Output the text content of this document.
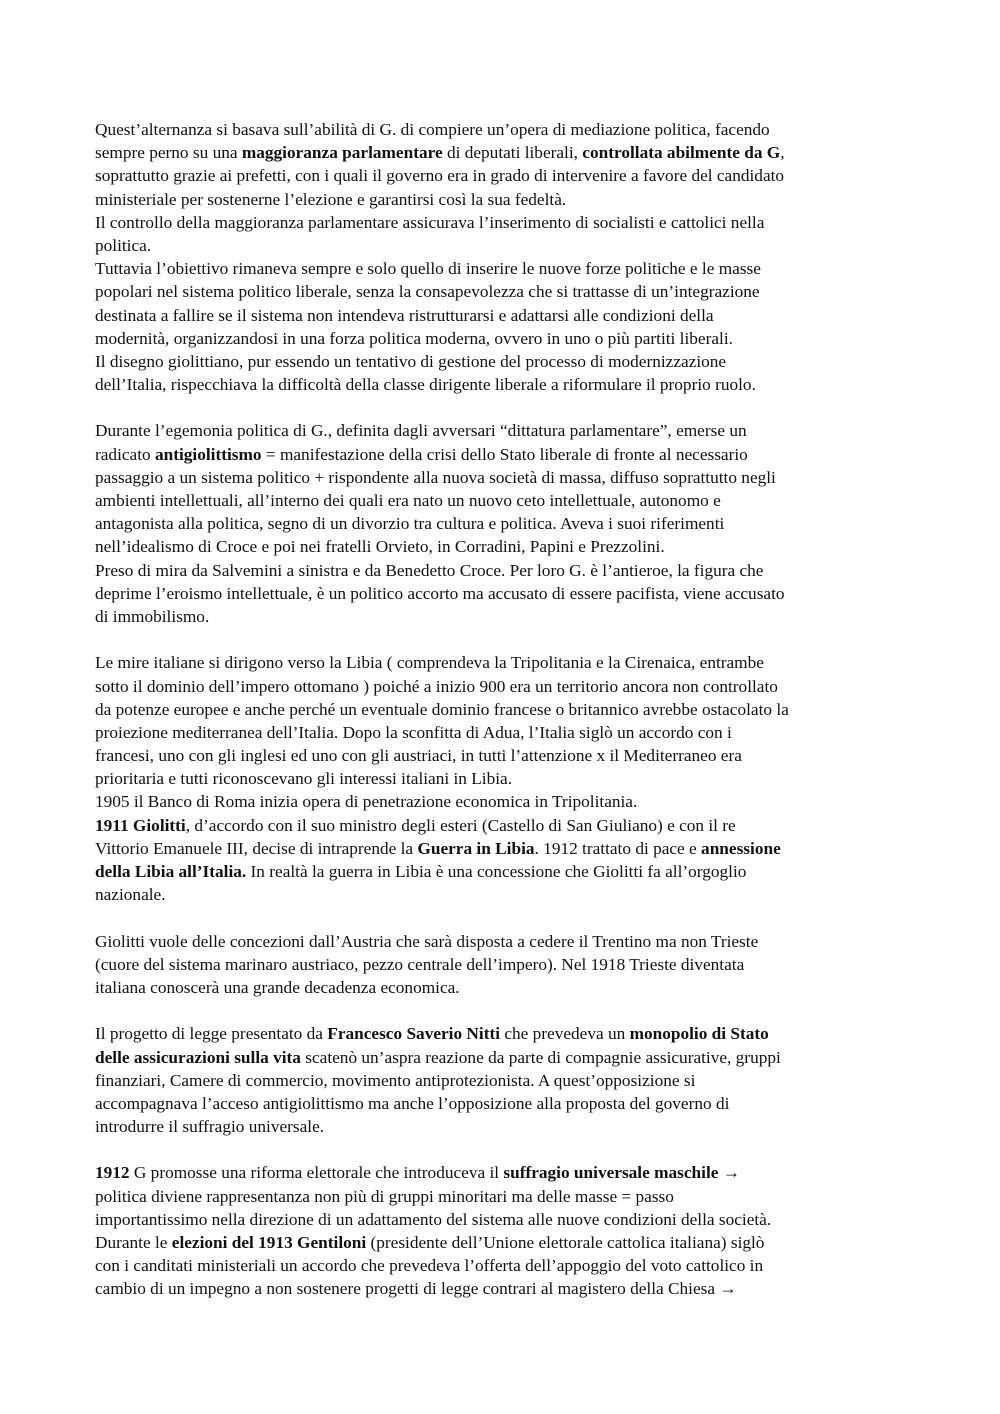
Quest’alternanza si basava sull’abilità di G. di compiere un’opera di mediazione politica, facendo
sempre perno su una maggioranza parlamentare di deputati liberali, controllata abilmente da G,
soprattutto grazie ai prefetti, con i quali il governo era in grado di intervenire a favore del candidato
ministeriale per sostenerne l’elezione e garantirsi così la sua fedeltà.
Il controllo della maggioranza parlamentare assicurava l’inserimento di socialisti e cattolici nella
politica.
Tuttavia l’obiettivo rimaneva sempre e solo quello di inserire le nuove forze politiche e le masse
popolari nel sistema politico liberale, senza la consapevolezza che si trattasse di un’integrazione
destinata a fallire se il sistema non intendeva ristrutturarsi e adattarsi alle condizioni della
modernità, organizzandosi in una forza politica moderna, ovvero in uno o più partiti liberali.
Il disegno giolittiano, pur essendo un tentativo di gestione del processo di modernizzazione
dell’Italia, rispecchiava la difficoltà della classe dirigente liberale a riformulare il proprio ruolo.

Durante l’egemonia politica di G., definita dagli avversari “dittatura parlamentare”, emerse un
radicato antigiolittismo = manifestazione della crisi dello Stato liberale di fronte al necessario
passaggio a un sistema politico + rispondente alla nuova società di massa, diffuso soprattutto negli
ambienti intellettuali, all’interno dei quali era nato un nuovo ceto intellettuale, autonomo e
antagonista alla politica, segno di un divorzio tra cultura e politica. Aveva i suoi riferimenti
nell’idealismo di Croce e poi nei fratelli Orvieto, in Corradini, Papini e Prezzolini.
Preso di mira da Salvemini a sinistra e da Benedetto Croce. Per loro G. è l’antieroe, la figura che
deprime l’eroismo intellettuale, è un politico accorto ma accusato di essere pacifista, viene accusato
di immobilismo.

Le mire italiane si dirigono verso la Libia ( comprendeva la Tripolitania e la Cirenaica, entrambe
sotto il dominio dell’impero ottomano ) poiché a inizio 900 era un territorio ancora non controllato
da potenze europee e anche perché un eventuale dominio francese o britannico avrebbe ostacolato la
proiezione mediterranea dell’Italia. Dopo la sconfitta di Adua, l’Italia siglò un accordo con i
francesi, uno con gli inglesi ed uno con gli austriaci, in tutti l’attenzione x il Mediterraneo era
prioritaria e tutti riconoscevano gli interessi italiani in Libia.
1905 il Banco di Roma inizia opera di penetrazione economica in Tripolitania.
1911 Giolitti, d’accordo con il suo ministro degli esteri (Castello di San Giuliano) e con il re
Vittorio Emanuele III, decise di intraprende la Guerra in Libia. 1912 trattato di pace e annessione
della Libia all’Italia. In realtà la guerra in Libia è una concessione che Giolitti fa all’orgoglio
nazionale.

Giolitti vuole delle concezioni dall’Austria che sarà disposta a cedere il Trentino ma non Trieste
(cuore del sistema marinaro austriaco, pezzo centrale dell’impero). Nel 1918 Trieste diventata
italiana conoscerà una grande decadenza economica.

Il progetto di legge presentato da Francesco Saverio Nitti che prevedeva un monopolio di Stato
delle assicurazioni sulla vita scatenò un’aspra reazione da parte di compagnie assicurative, gruppi
finanziari, Camere di commercio, movimento antiprotezionista. A quest’opposizione si
accompagnava l’acceso antigiolittismo ma anche l’opposizione alla proposta del governo di
introdurre il suffragio universale.

1912 G promosse una riforma elettorale che introduceva il suffragio universale maschile →
politica diviene rappresentanza non più di gruppi minoritari ma delle masse = passo
importantissimo nella direzione di un adattamento del sistema alle nuove condizioni della società.
Durante le elezioni del 1913 Gentiloni (presidente dell’Unione elettorale cattolica italiana) siglò
con i canditati ministeriali un accordo che prevedeva l’offerta dell’appoggio del voto cattolico in
cambio di un impegno a non sostenere progetti di legge contrari al magistero della Chiesa →
